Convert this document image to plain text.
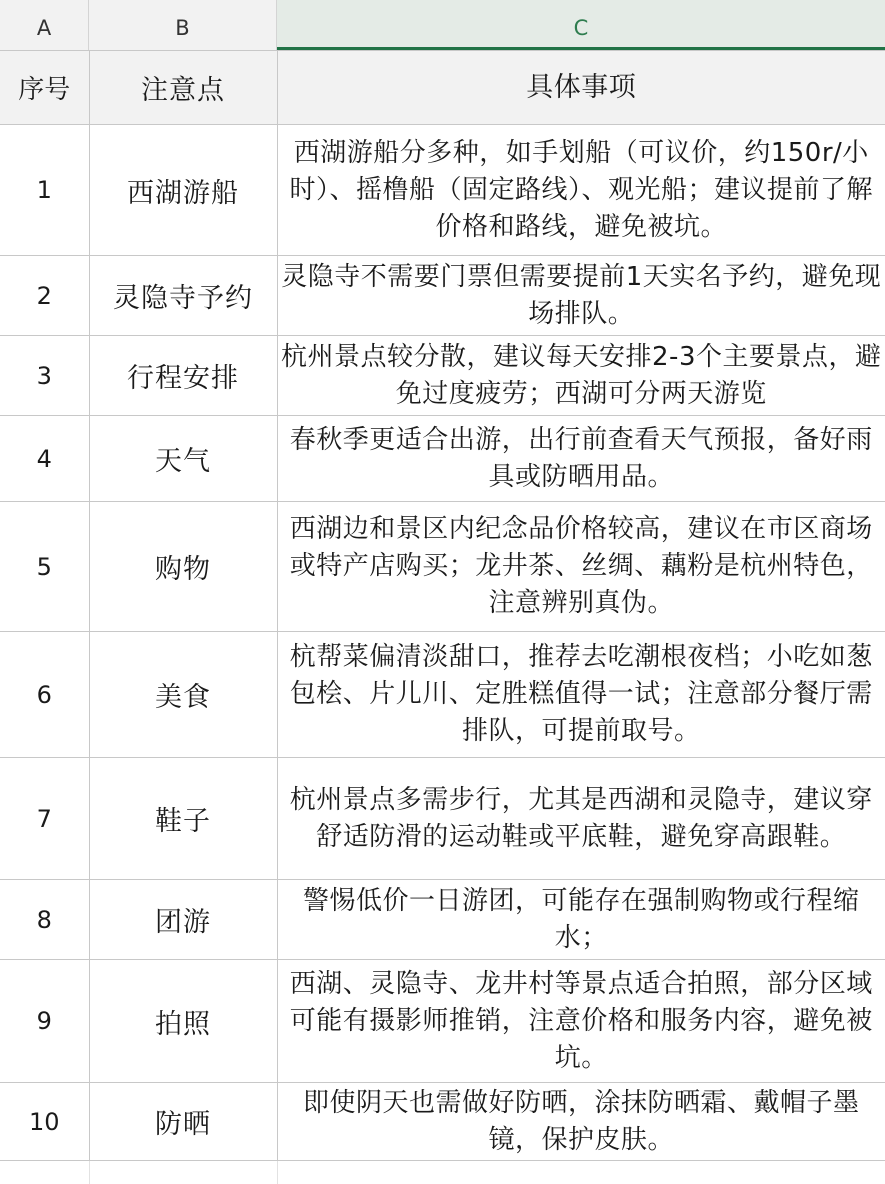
A	B	C
序号	注意点	具体事项
1	西湖游船	西湖游船分多种，如手划船（可议价，约150r/小时）、摇橹船（固定路线）、观光船；建议提前了解价格和路线，避免被坑。
2	灵隐寺予约	灵隐寺不需要门票但需要提前1天实名予约，避免现场排队。
3	行程安排	杭州景点较分散，建议每天安排2-3个主要景点，避免过度疲劳；西湖可分两天游览
4	天气	春秋季更适合出游，出行前查看天气预报，备好雨具或防晒用品。
5	购物	西湖边和景区内纪念品价格较高，建议在市区商场或特产店购买；龙井茶、丝绸、藕粉是杭州特色，注意辨别真伪。
6	美食	杭帮菜偏清淡甜口，推荐去吃潮根夜档；小吃如葱包桧、片儿川、定胜糕值得一试；注意部分餐厅需排队，可提前取号。
7	鞋子	杭州景点多需步行，尤其是西湖和灵隐寺，建议穿舒适防滑的运动鞋或平底鞋，避免穿高跟鞋。
8	团游	警惕低价一日游团，可能存在强制购物或行程缩水；
9	拍照	西湖、灵隐寺、龙井村等景点适合拍照，部分区域可能有摄影师推销，注意价格和服务内容，避免被坑。
10	防晒	即使阴天也需做好防晒，涂抹防晒霜、戴帽子墨镜，保护皮肤。
